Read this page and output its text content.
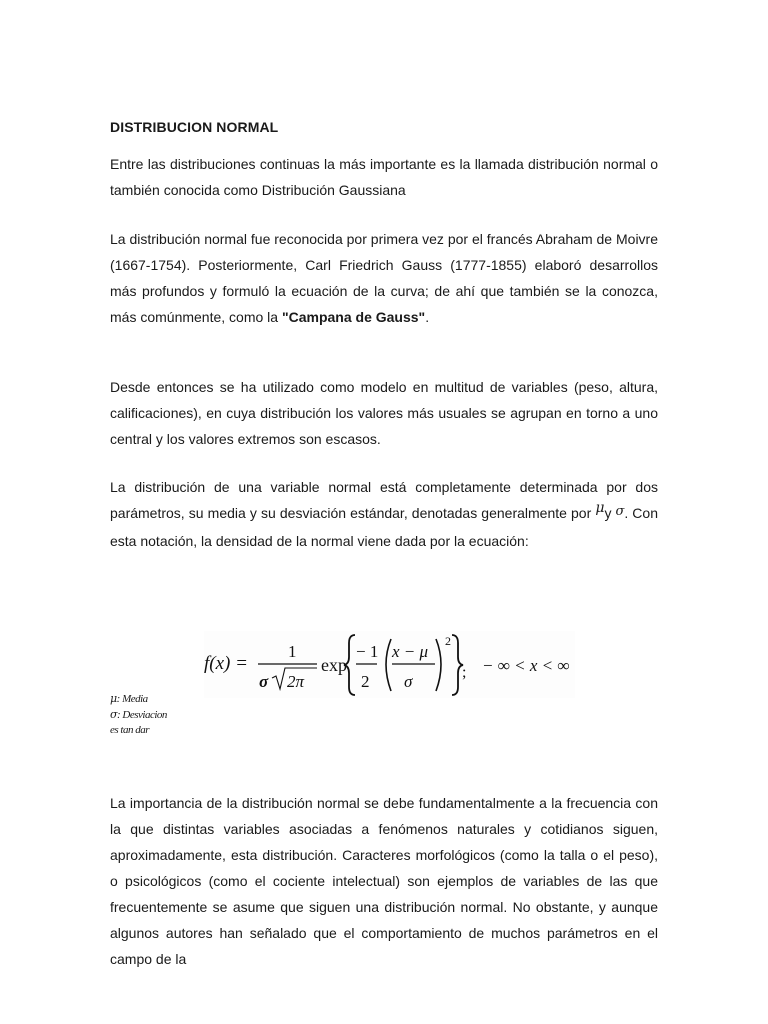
DISTRIBUCION NORMAL

Entre las distribuciones continuas la más importante es la llamada distribución normal o también conocida como Distribución Gaussiana

La distribución normal fue reconocida por primera vez por el francés Abraham de Moivre (1667-1754). Posteriormente, Carl Friedrich Gauss (1777-1855) elaboró desarrollos más profundos y formuló la ecuación de la curva; de ahí que también se la conozca, más comúnmente, como la "Campana de Gauss".

Desde entonces se ha utilizado como modelo en multitud de variables (peso, altura, calificaciones), en cuya distribución los valores más usuales se agrupan en torno a uno central y los valores extremos son escasos.

La distribución de una variable normal está completamente determinada por dos parámetros, su media y su desviación estándar, denotadas generalmente por μy σ. Con esta notación, la densidad de la normal viene dada por la ecuación:

f(x) =
1
σ 2π
exp
− 1
2
x − μ
σ
2
; − ∞ < x < ∞
μ: Media
σ: Desviacion
es tan dar

La importancia de la distribución normal se debe fundamentalmente a la frecuencia con la que distintas variables asociadas a fenómenos naturales y cotidianos siguen, aproximadamente, esta distribución. Caracteres morfológicos (como la talla o el peso), o psicológicos (como el cociente intelectual) son ejemplos de variables de las que frecuentemente se asume que siguen una distribución normal. No obstante, y aunque algunos autores han señalado que el comportamiento de muchos parámetros en el campo de la
